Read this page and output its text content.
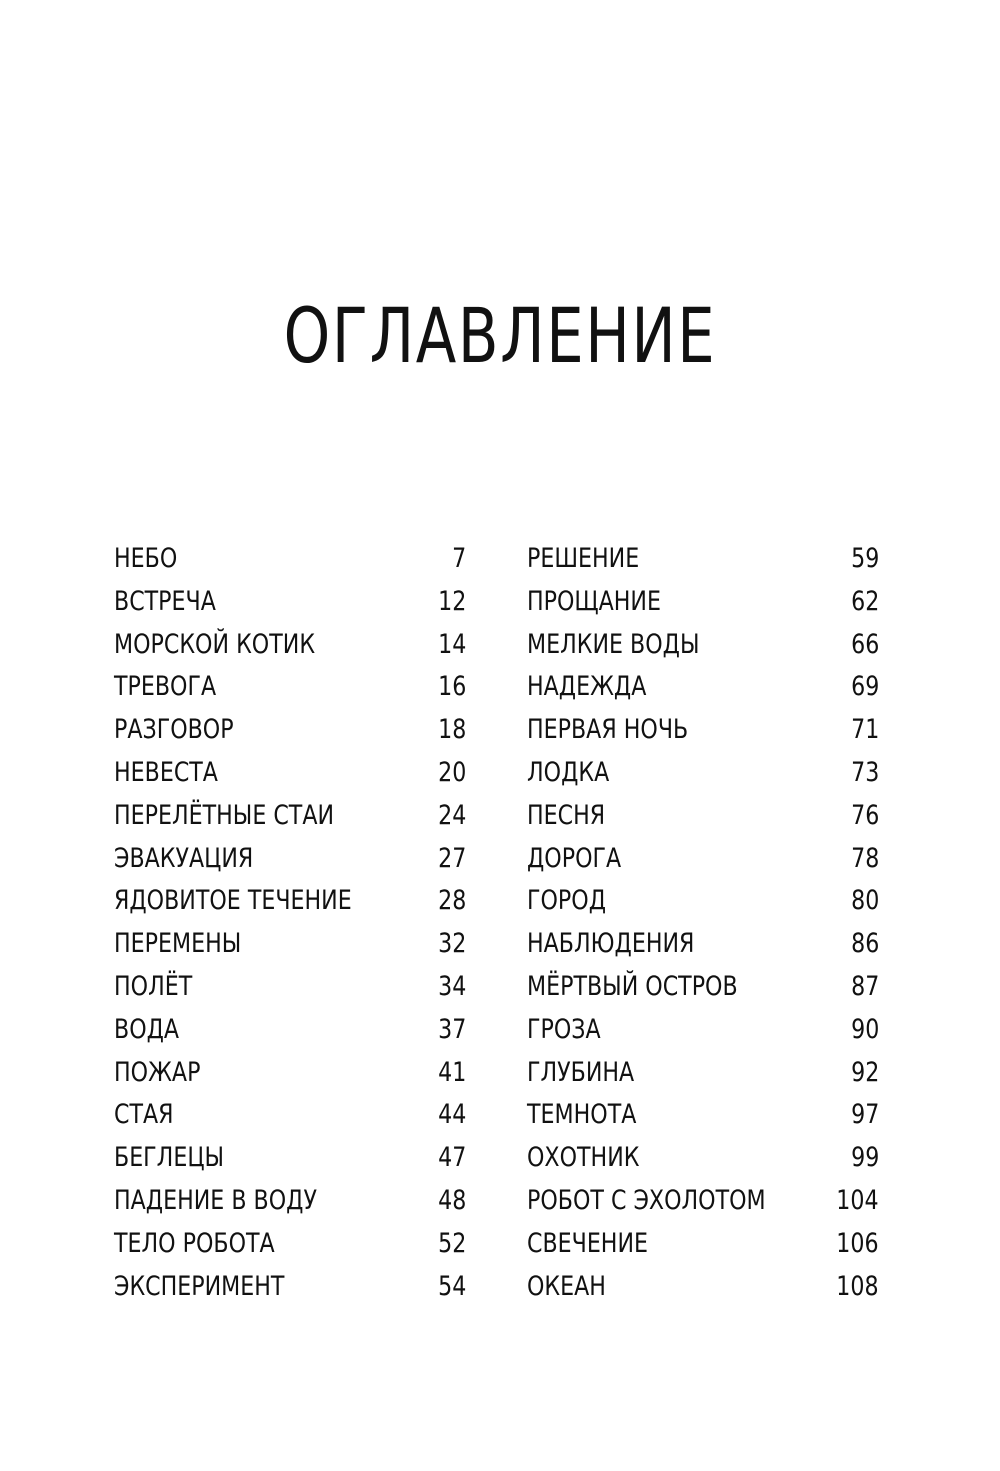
ОГЛАВЛЕНИЕ
НЕБО	7
ВСТРЕЧА	12
МОРСКОЙ КОТИК	14
ТРЕВОГА	16
РАЗГОВОР	18
НЕВЕСТА	20
ПЕРЕЛЁТНЫЕ СТАИ	24
ЭВАКУАЦИЯ	27
ЯДОВИТОЕ ТЕЧЕНИЕ	28
ПЕРЕМЕНЫ	32
ПОЛЁТ	34
ВОДА	37
ПОЖАР	41
СТАЯ	44
БЕГЛЕЦЫ	47
ПАДЕНИЕ В ВОДУ	48
ТЕЛО РОБОТА	52
ЭКСПЕРИМЕНТ	54
РЕШЕНИЕ	59
ПРОЩАНИЕ	62
МЕЛКИЕ ВОДЫ	66
НАДЕЖДА	69
ПЕРВАЯ НОЧЬ	71
ЛОДКА	73
ПЕСНЯ	76
ДОРОГА	78
ГОРОД	80
НАБЛЮДЕНИЯ	86
МЁРТВЫЙ ОСТРОВ	87
ГРОЗА	90
ГЛУБИНА	92
ТЕМНОТА	97
ОХОТНИК	99
РОБОТ С ЭХОЛОТОМ	104
СВЕЧЕНИЕ	106
ОКЕАН	108
